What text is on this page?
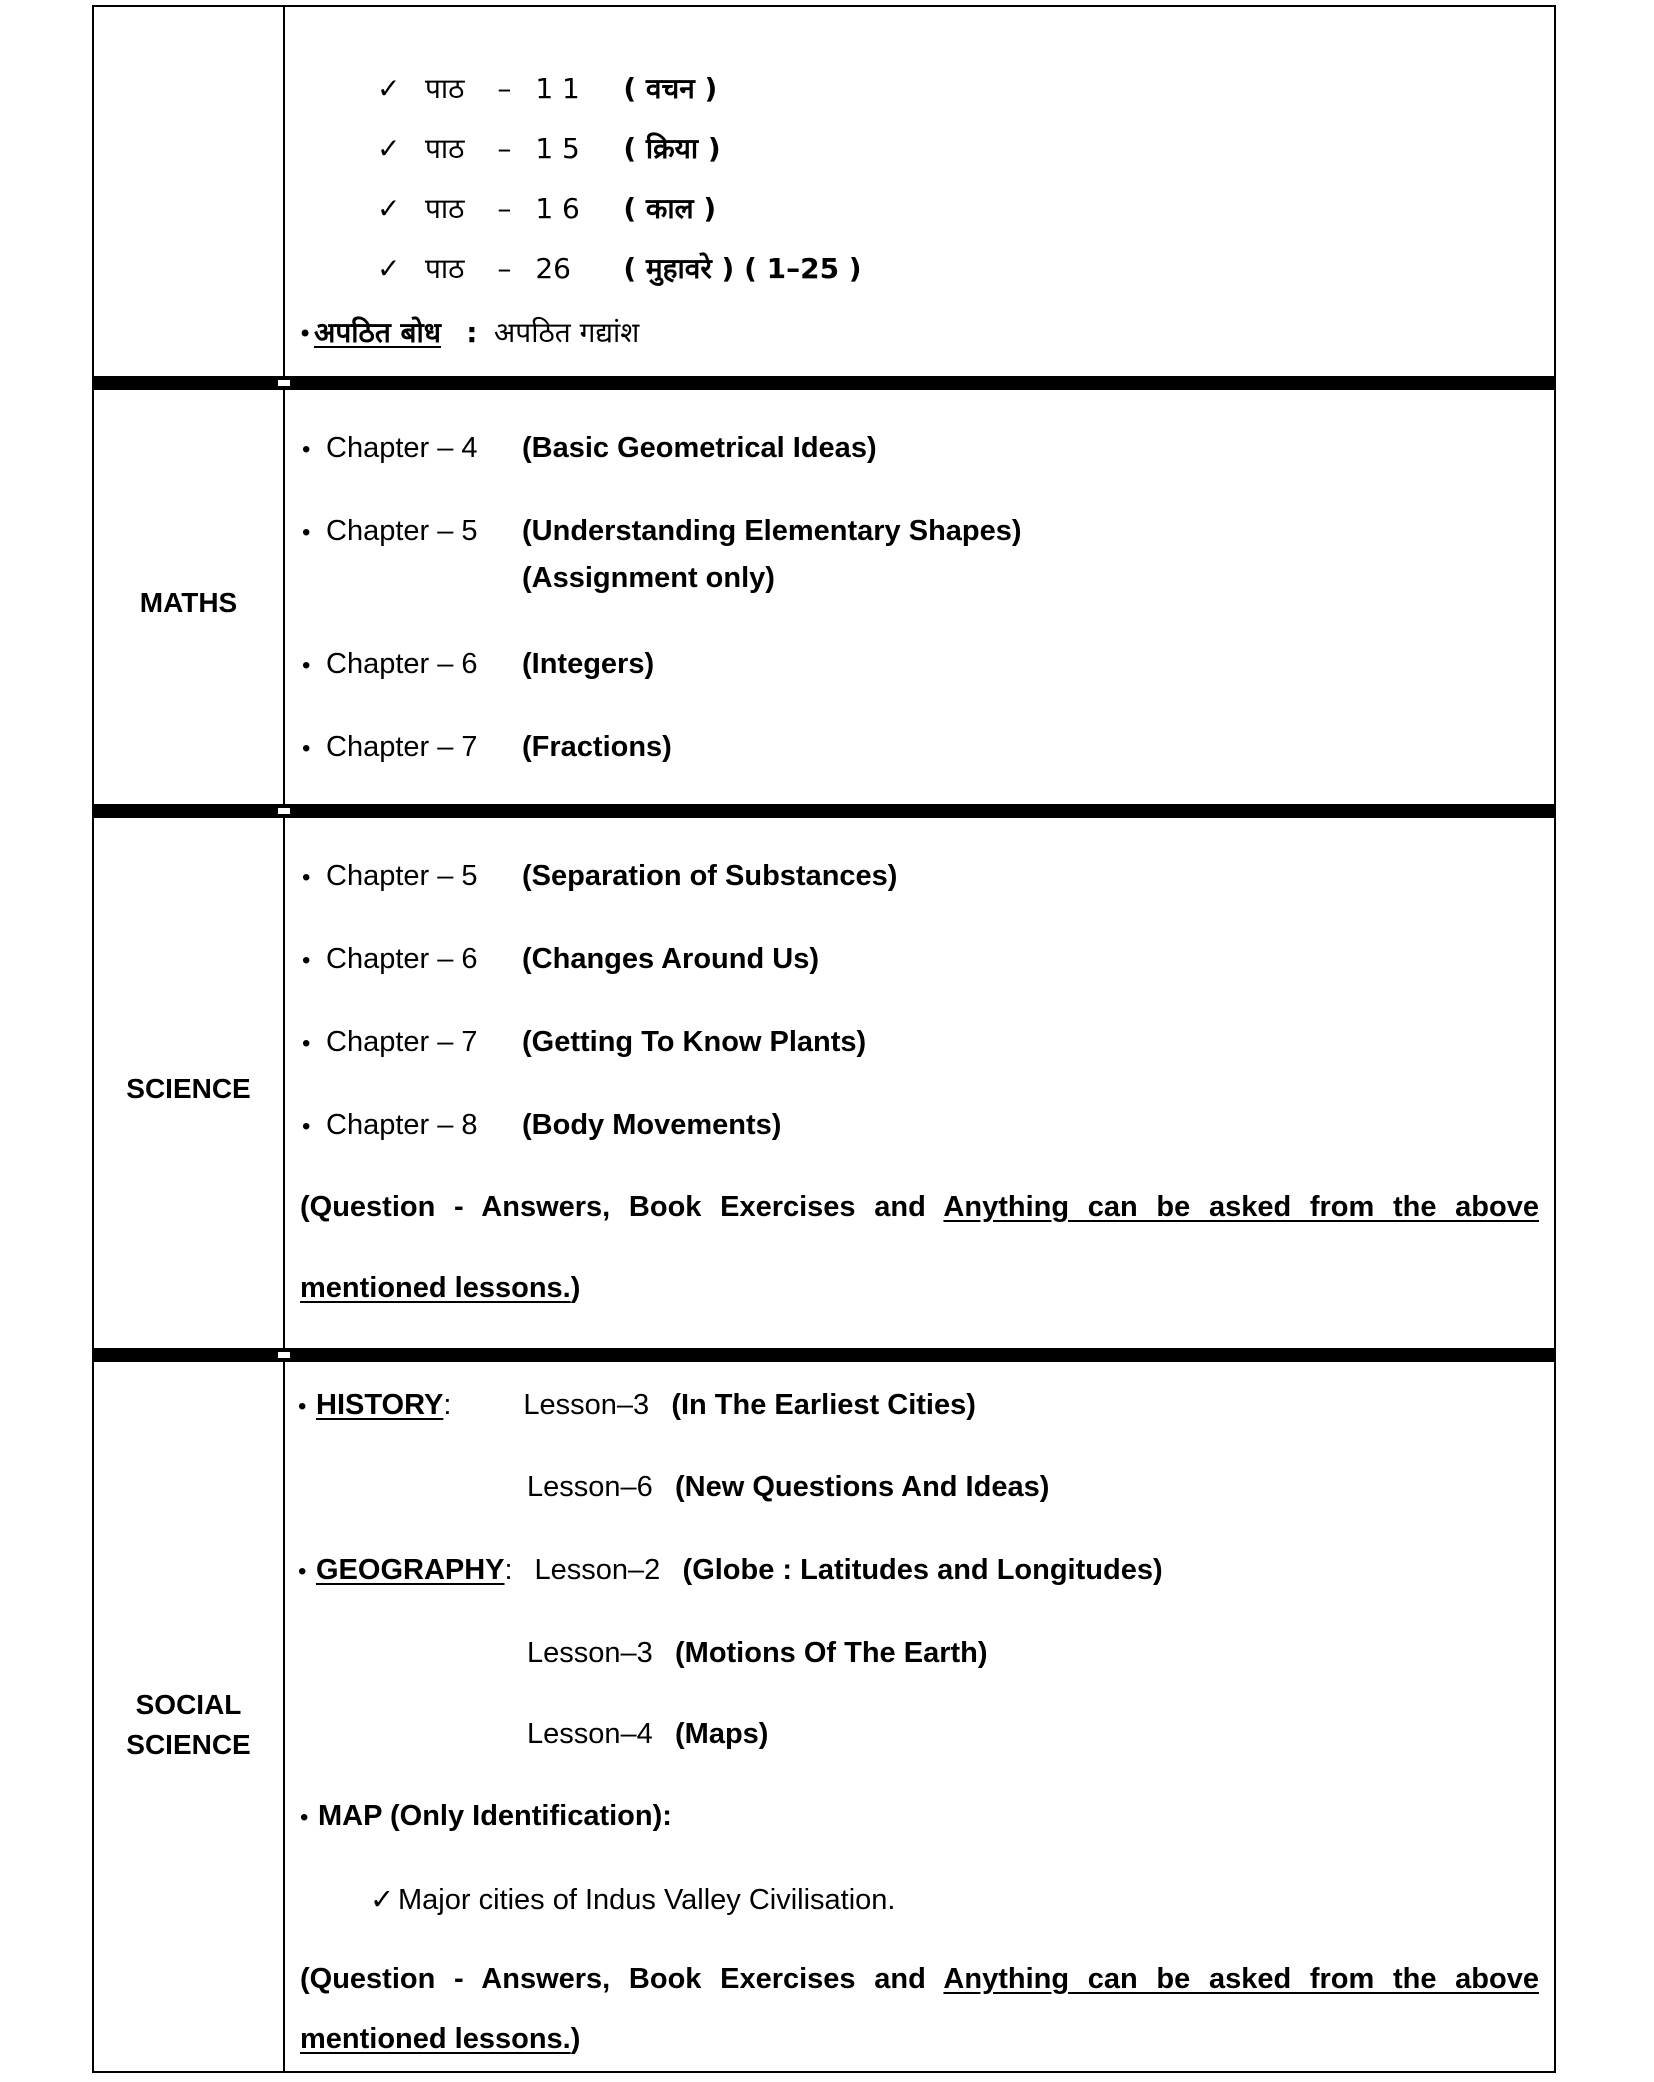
✓ पाठ – 1 1 ( वचन )
✓ पाठ – 1 5 ( क्रिया )
✓ पाठ – 1 6 ( काल )
✓ पाठ – 26 ( मुहावरे ) ( 1–25 )
•अपठित बोध : अपठित गद्यांश
MATHS
• Chapter – 4 (Basic Geometrical Ideas)
• Chapter – 5 (Understanding Elementary Shapes)
(Assignment only)
• Chapter – 6 (Integers)
• Chapter – 7 (Fractions)
SCIENCE
• Chapter – 5 (Separation of Substances)
• Chapter – 6 (Changes Around Us)
• Chapter – 7 (Getting To Know Plants)
• Chapter – 8 (Body Movements)
(Question - Answers, Book Exercises and Anything can be asked from the above
mentioned lessons.)
SOCIAL
SCIENCE
• HISTORY: Lesson–3 (In The Earliest Cities)
Lesson–6 (New Questions And Ideas)
• GEOGRAPHY: Lesson–2 (Globe : Latitudes and Longitudes)
Lesson–3 (Motions Of The Earth)
Lesson–4 (Maps)
• MAP (Only Identification):
✓ Major cities of Indus Valley Civilisation.
(Question - Answers, Book Exercises and Anything can be asked from the above
mentioned lessons.)
